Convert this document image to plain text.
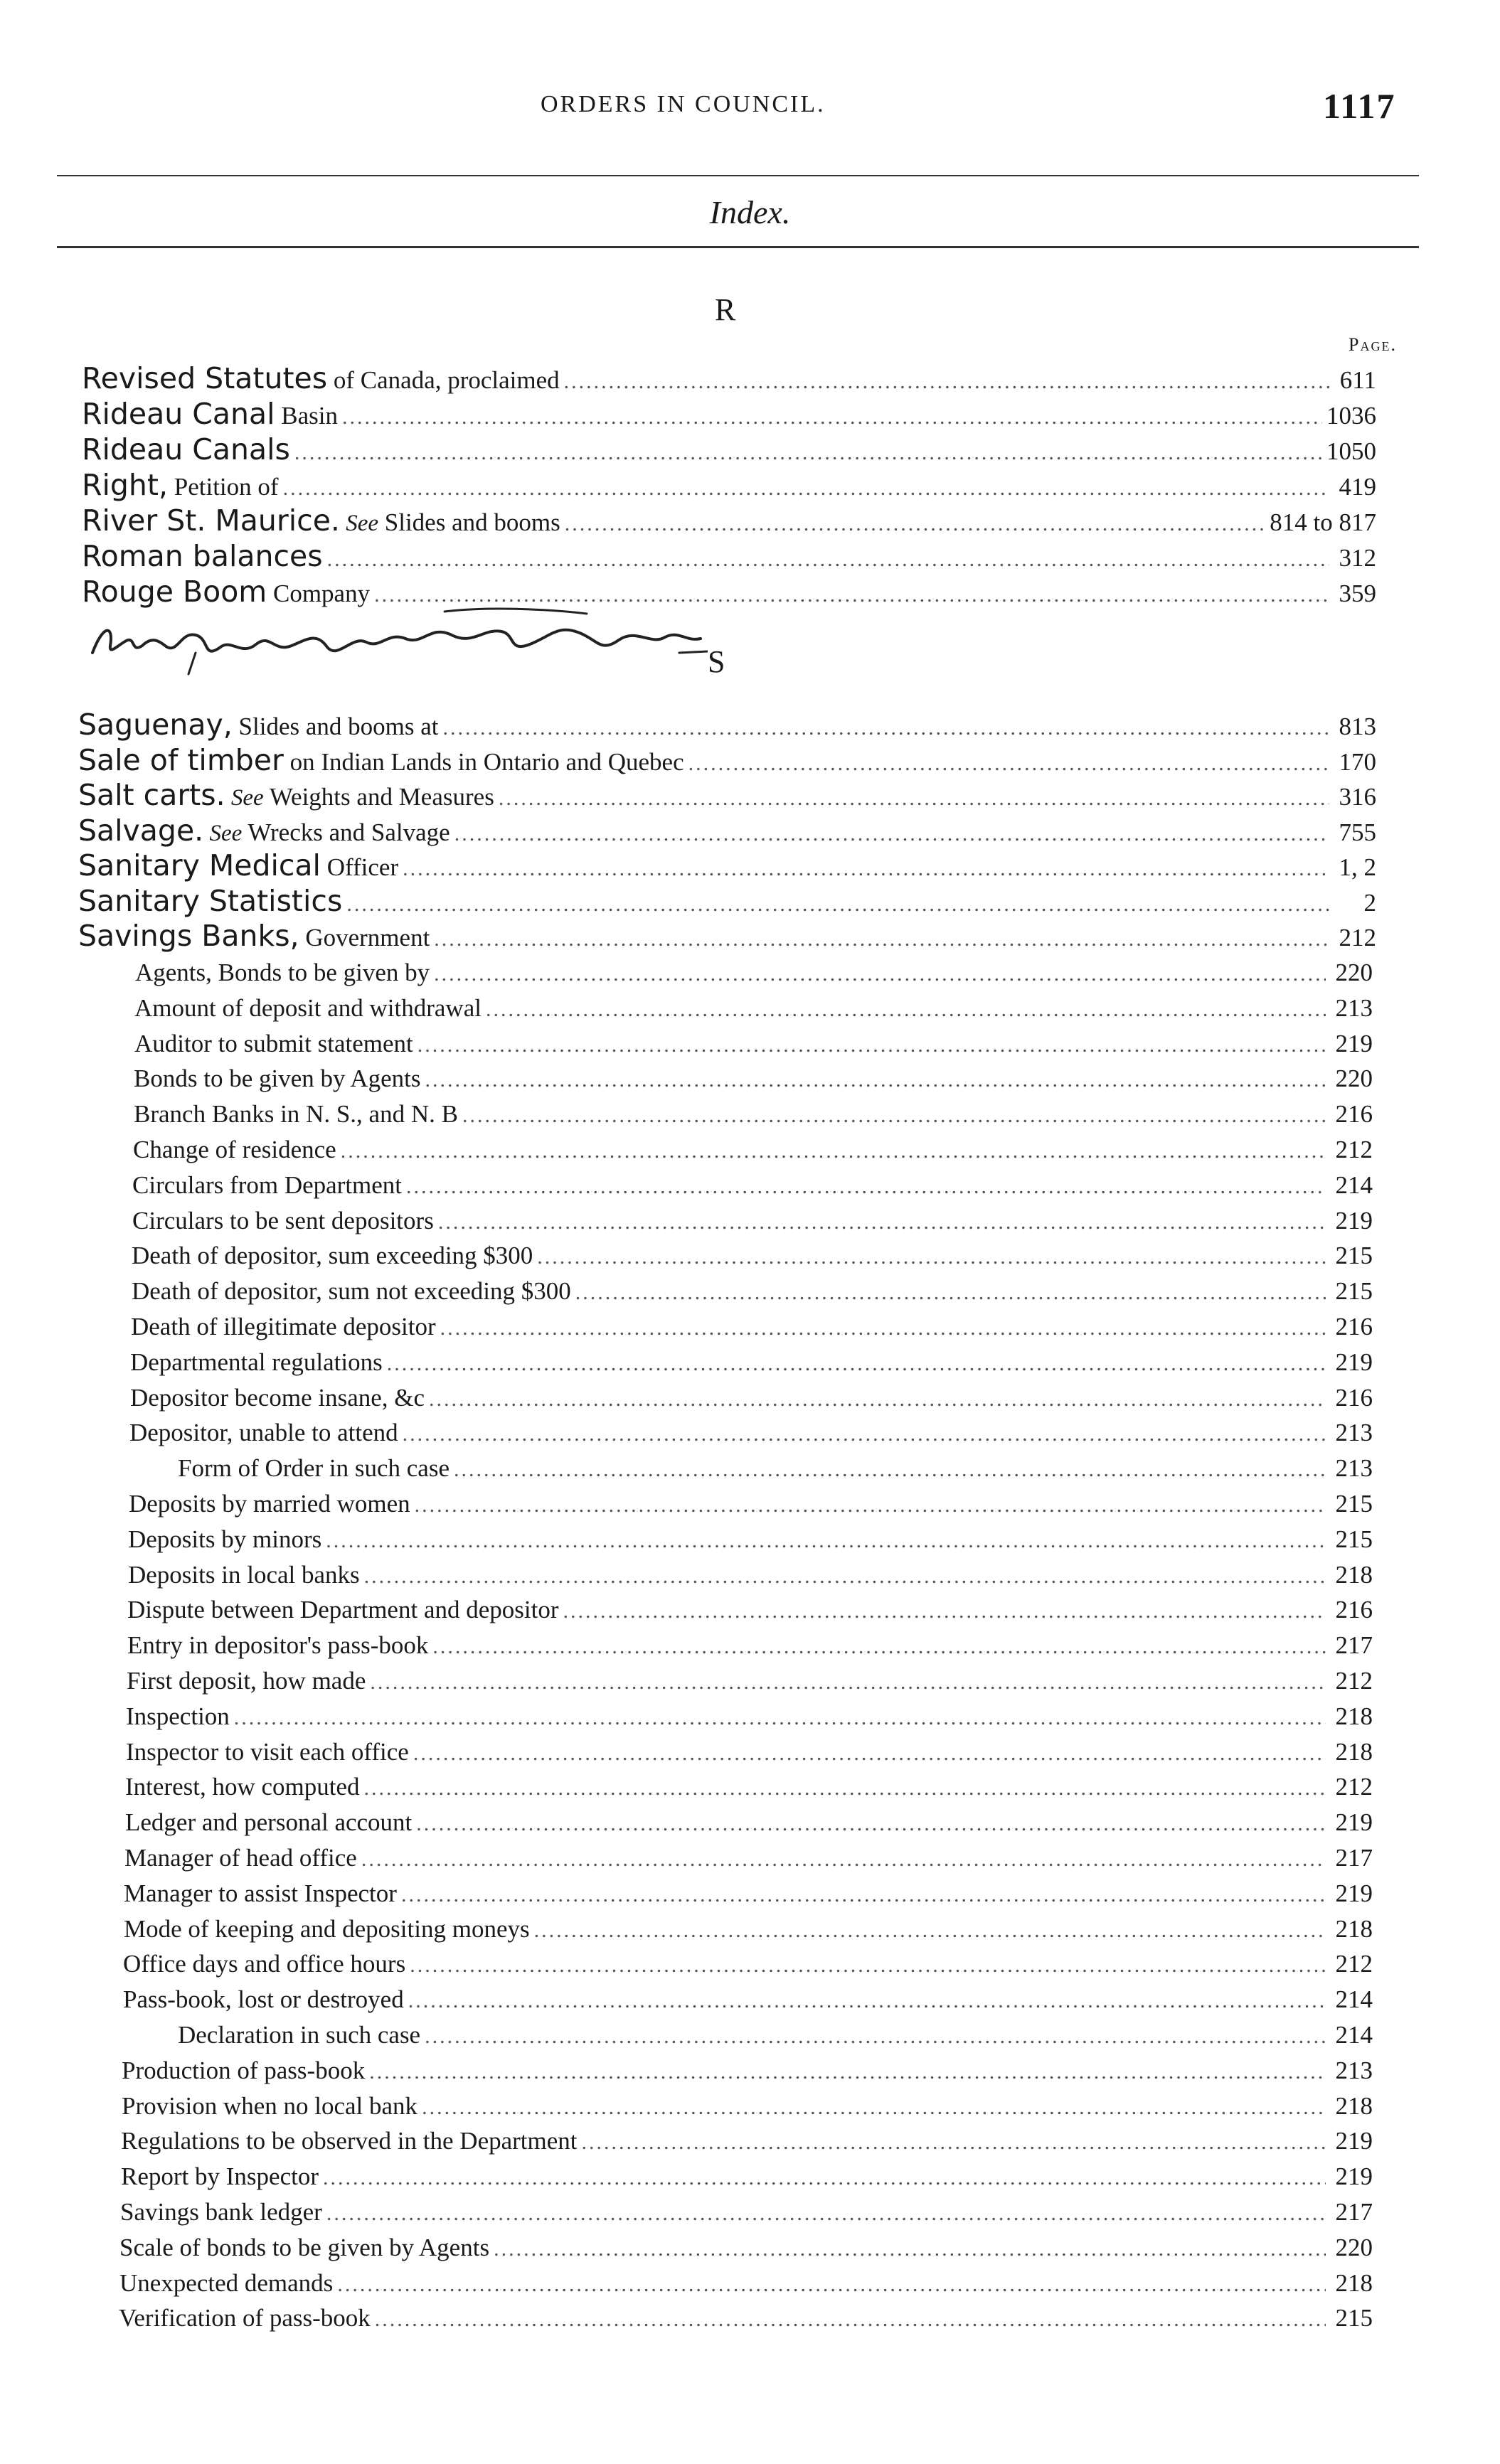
ORDERS IN COUNCIL.	1117
Index.
R
Page.
Revised Statutes of Canada, proclaimed .....	611
Rideau Canal Basin .....	1036
Rideau Canals .....	1050
Right, Petition of .....	419
River St. Maurice. See Slides and booms .....	814 to 817
Roman balances .....	312
Rouge Boom Company .....	359
S
Saguenay, Slides and booms at .....	813
Sale of timber on Indian Lands in Ontario and Quebec .....	170
Salt carts. See Weights and Measures .....	316
Salvage. See Wrecks and Salvage .....	755
Sanitary Medical Officer .....	1, 2
Sanitary Statistics .....	2
Savings Banks, Government .....	212
Agents, Bonds to be given by .....	220
Amount of deposit and withdrawal .....	213
Auditor to submit statement .....	219
Bonds to be given by Agents .....	220
Branch Banks in N. S., and N. B .....	216
Change of residence .....	212
Circulars from Department .....	214
Circulars to be sent depositors .....	219
Death of depositor, sum exceeding $300 .....	215
Death of depositor, sum not exceeding $300 .....	215
Death of illegitimate depositor .....	216
Departmental regulations .....	219
Depositor become insane, &c .....	216
Depositor, unable to attend .....	213
Form of Order in such case .....	213
Deposits by married women .....	215
Deposits by minors .....	215
Deposits in local banks .....	218
Dispute between Department and depositor .....	216
Entry in depositor's pass-book .....	217
First deposit, how made .....	212
Inspection .....	218
Inspector to visit each office .....	218
Interest, how computed .....	212
Ledger and personal account .....	219
Manager of head office .....	217
Manager to assist Inspector .....	219
Mode of keeping and depositing moneys .....	218
Office days and office hours .....	212
Pass-book, lost or destroyed .....	214
Declaration in such case .....	214
Production of pass-book .....	213
Provision when no local bank .....	218
Regulations to be observed in the Department .....	219
Report by Inspector .....	219
Savings bank ledger .....	217
Scale of bonds to be given by Agents .....	220
Unexpected demands .....	218
Verification of pass-book .....	215
